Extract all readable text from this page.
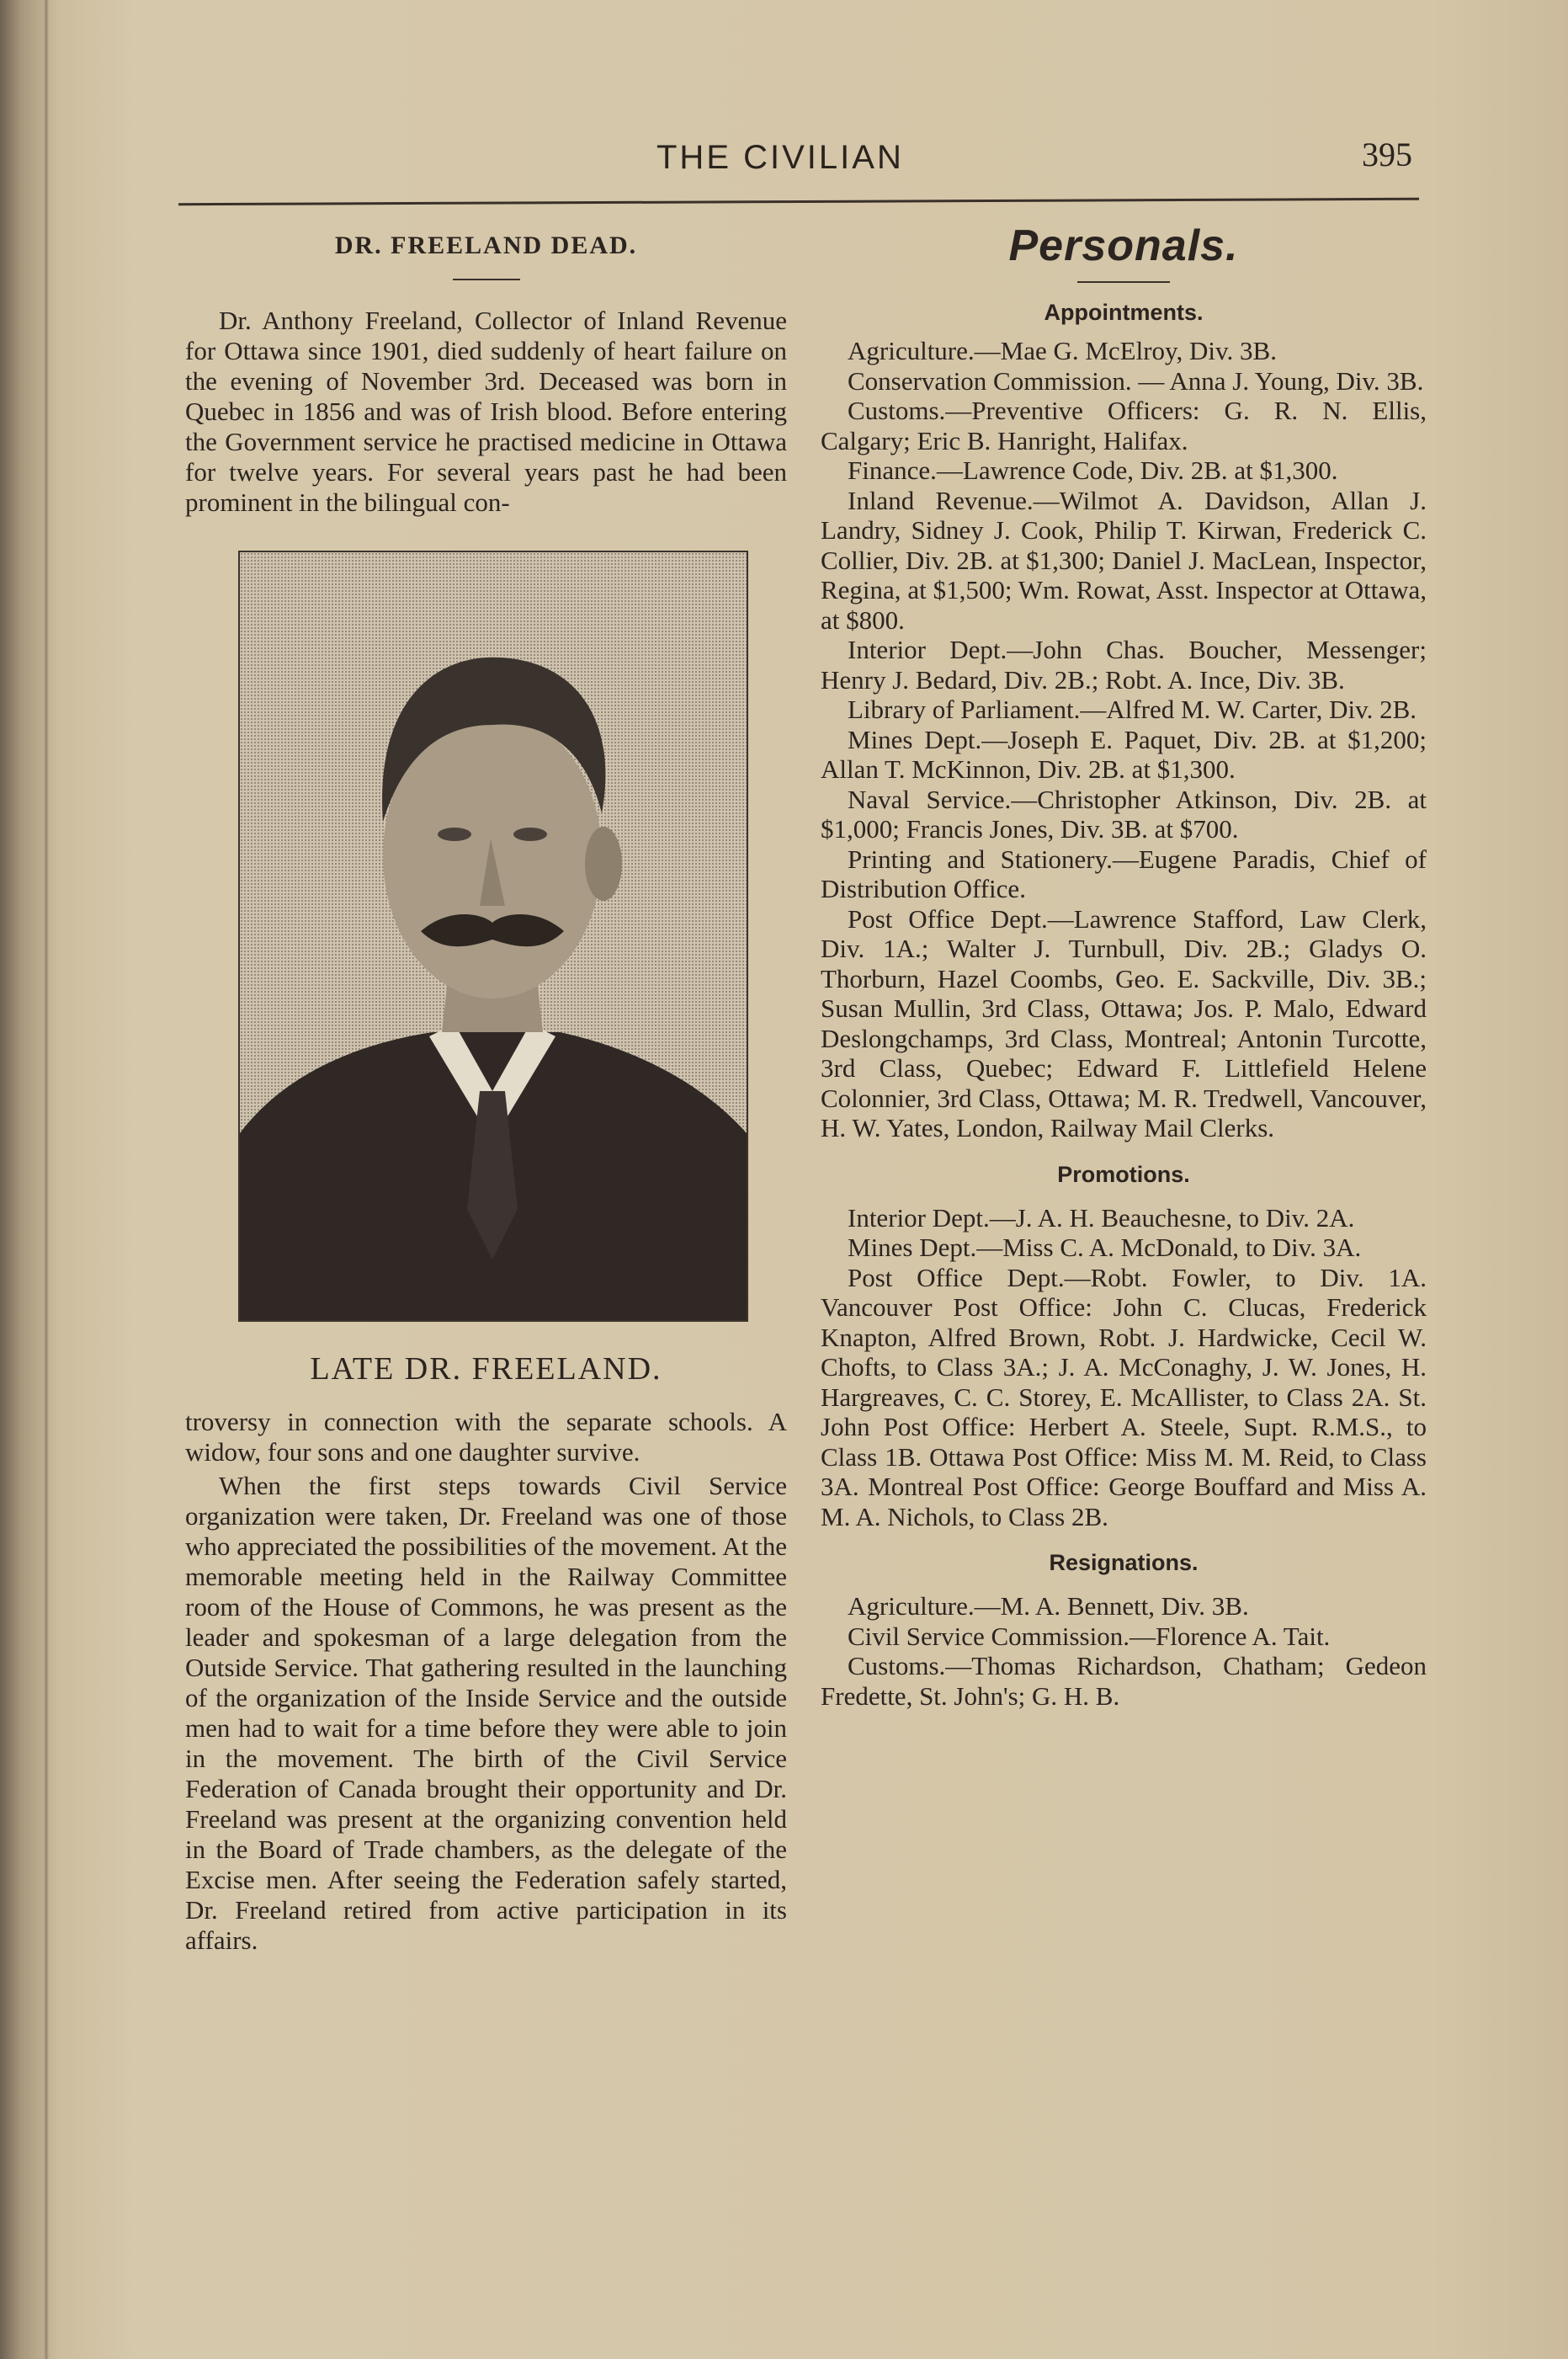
THE CIVILIAN	395
DR. FREELAND DEAD.

Dr. Anthony Freeland, Collector of Inland Revenue for Ottawa since 1901, died suddenly of heart failure on the evening of November 3rd. Deceased was born in Quebec in 1856 and was of Irish blood. Before entering the Government service he practised medicine in Ottawa for twelve years. For several years past he had been prominent in the bilingual con-

LATE DR. FREELAND.

troversy in connection with the separate schools. A widow, four sons and one daughter survive.

When the first steps towards Civil Service organization were taken, Dr. Freeland was one of those who appreciated the possibilities of the movement. At the memorable meeting held in the Railway Committee room of the House of Commons, he was present as the leader and spokesman of a large delegation from the Outside Service. That gathering resulted in the launching of the organization of the Inside Service and the outside men had to wait for a time before they were able to join in the movement. The birth of the Civil Service Federation of Canada brought their opportunity and Dr. Freeland was present at the organizing convention held in the Board of Trade chambers, as the delegate of the Excise men. After seeing the Federation safely started, Dr. Freeland retired from active participation in its affairs.

Personals.
Appointments.

Agriculture.—Mae G. McElroy, Div. 3B.

Conservation Commission. — Anna J. Young, Div. 3B.

Customs.—Preventive Officers: G. R. N. Ellis, Calgary; Eric B. Hanright, Halifax.

Finance.—Lawrence Code, Div. 2B. at $1,300.

Inland Revenue.—Wilmot A. Davidson, Allan J. Landry, Sidney J. Cook, Philip T. Kirwan, Frederick C. Collier, Div. 2B. at $1,300; Daniel J. MacLean, Inspector, Regina, at $1,500; Wm. Rowat, Asst. Inspector at Ottawa, at $800.

Interior Dept.—John Chas. Boucher, Messenger; Henry J. Bedard, Div. 2B.; Robt. A. Ince, Div. 3B.

Library of Parliament.—Alfred M. W. Carter, Div. 2B.

Mines Dept.—Joseph E. Paquet, Div. 2B. at $1,200; Allan T. McKinnon, Div. 2B. at $1,300.

Naval Service.—Christopher Atkinson, Div. 2B. at $1,000; Francis Jones, Div. 3B. at $700.

Printing and Stationery.—Eugene Paradis, Chief of Distribution Office.

Post Office Dept.—Lawrence Stafford, Law Clerk, Div. 1A.; Walter J. Turnbull, Div. 2B.; Gladys O. Thorburn, Hazel Coombs, Geo. E. Sackville, Div. 3B.; Susan Mullin, 3rd Class, Ottawa; Jos. P. Malo, Edward Deslongchamps, 3rd Class, Montreal; Antonin Turcotte, 3rd Class, Quebec; Edward F. Littlefield Helene Colonnier, 3rd Class, Ottawa; M. R. Tredwell, Vancouver, H. W. Yates, London, Railway Mail Clerks.

Promotions.

Interior Dept.—J. A. H. Beauchesne, to Div. 2A.

Mines Dept.—Miss C. A. McDonald, to Div. 3A.

Post Office Dept.—Robt. Fowler, to Div. 1A. Vancouver Post Office: John C. Clucas, Frederick Knapton, Alfred Brown, Robt. J. Hardwicke, Cecil W. Chofts, to Class 3A.; J. A. McConaghy, J. W. Jones, H. Hargreaves, C. C. Storey, E. McAllister, to Class 2A. St. John Post Office: Herbert A. Steele, Supt. R.M.S., to Class 1B. Ottawa Post Office: Miss M. M. Reid, to Class 3A. Montreal Post Office: George Bouffard and Miss A. M. A. Nichols, to Class 2B.

Resignations.

Agriculture.—M. A. Bennett, Div. 3B.

Civil Service Commission.—Florence A. Tait.

Customs.—Thomas Richardson, Chatham; Gedeon Fredette, St. John's; G. H. B.
